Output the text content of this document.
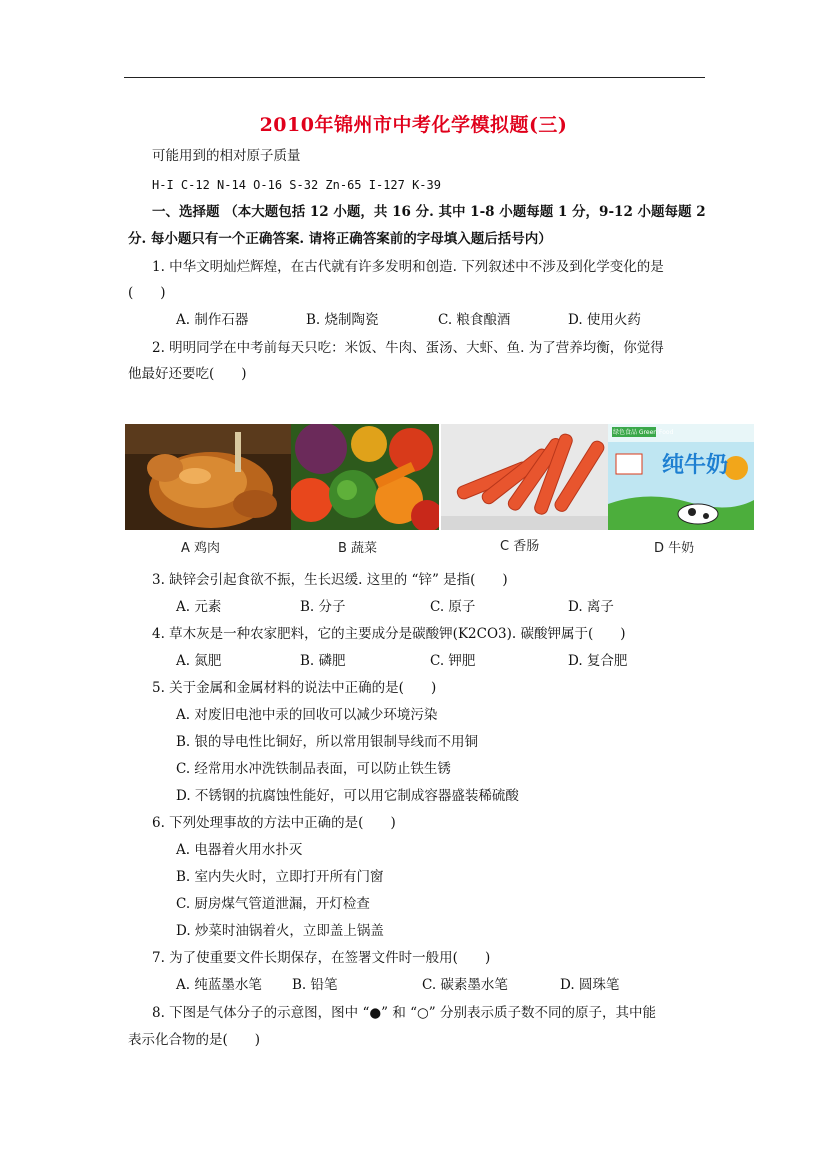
2010年锦州市中考化学模拟题(三)
可能用到的相对原子质量
H-I C-12 N-14 O-16 S-32 Zn-65 I-127 K-39
一、选择题 （本大题包括 12 小题，共 16 分. 其中 1-8 小题每题 1 分，9-12 小题每题 2
分. 每小题只有一个正确答案. 请将正确答案前的字母填入题后括号内）
1. 中华文明灿烂辉煌，在古代就有许多发明和创造. 下列叙述中不涉及到化学变化的是
(　　)
A. 制作石器	B. 烧制陶瓷	C. 粮食酿酒	D. 使用火药
2. 明明同学在中考前每天只吃：米饭、牛肉、蛋汤、大虾、鱼. 为了营养均衡，你觉得
他最好还要吃(　　)
纯牛奶
绿色食品 Green Food
A 鸡肉	B 蔬菜	C 香肠	D 牛奶
3. 缺锌会引起食欲不振，生长迟缓. 这里的 “锌” 是指(　　)
A. 元素	B. 分子	C. 原子	D. 离子
4. 草木灰是一种农家肥料，它的主要成分是碳酸钾(K2CO3). 碳酸钾属于(　　)
A. 氮肥	B. 磷肥	C. 钾肥	D. 复合肥
5. 关于金属和金属材料的说法中正确的是(　　)
A. 对废旧电池中汞的回收可以减少环境污染
B. 银的导电性比铜好，所以常用银制导线而不用铜
C. 经常用水冲洗铁制品表面，可以防止铁生锈
D. 不锈钢的抗腐蚀性能好，可以用它制成容器盛装稀硫酸
6. 下列处理事故的方法中正确的是(　　)
A. 电器着火用水扑灭
B. 室内失火时，立即打开所有门窗
C. 厨房煤气管道泄漏，开灯检查
D. 炒菜时油锅着火，立即盖上锅盖
7. 为了使重要文件长期保存，在签署文件时一般用(　　)
A. 纯蓝墨水笔 B. 铅笔	C. 碳素墨水笔	D. 圆珠笔
8. 下图是气体分子的示意图，图中 “●” 和 “○” 分别表示质子数不同的原子，其中能
表示化合物的是(　　)
